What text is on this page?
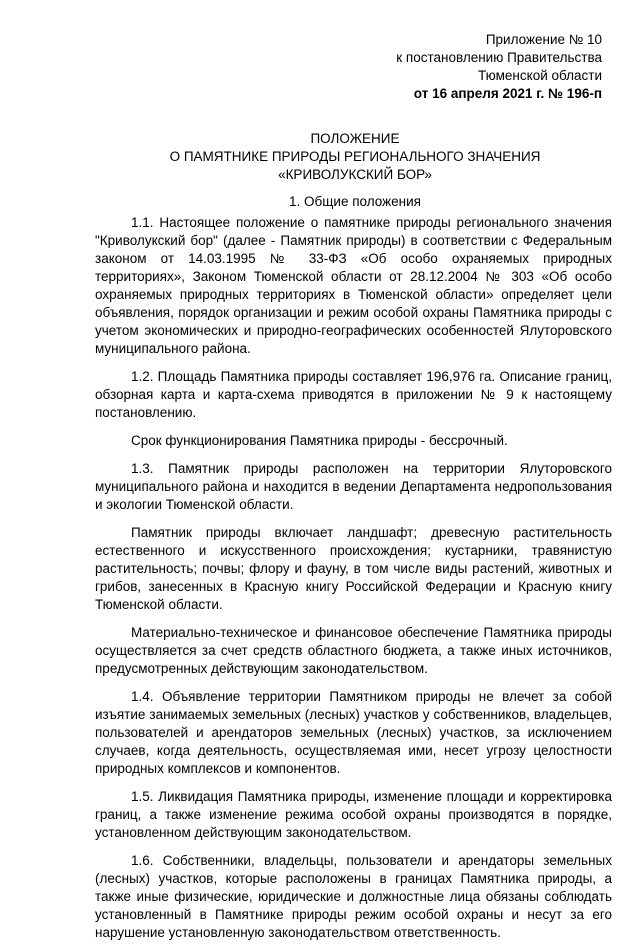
Приложение № 10
к постановлению Правительства
Тюменской области
от 16 апреля 2021 г. № 196-п
ПОЛОЖЕНИЕ
О ПАМЯТНИКЕ ПРИРОДЫ РЕГИОНАЛЬНОГО ЗНАЧЕНИЯ
«КРИВОЛУКСКИЙ БОР»
1. Общие положения

1.1. Настоящее положение о памятнике природы регионального значения "Криволукский бор" (далее - Памятник природы) в соответствии с Федеральным законом от 14.03.1995 № 33-ФЗ «Об особо охраняемых природных территориях», Законом Тюменской области от 28.12.2004 № 303 «Об особо охраняемых природных территориях в Тюменской области» определяет цели объявления, порядок организации и режим особой охраны Памятника природы с учетом экономических и природно-географических особенностей Ялуторовского муниципального района.

1.2. Площадь Памятника природы составляет 196,976 га. Описание границ, обзорная карта и карта-схема приводятся в приложении № 9 к настоящему постановлению.

Срок функционирования Памятника природы - бессрочный.

1.3. Памятник природы расположен на территории Ялуторовского муниципального района и находится в ведении Департамента недропользования и экологии Тюменской области.

Памятник природы включает ландшафт; древесную растительность естественного и искусственного происхождения; кустарники, травянистую растительность; почвы; флору и фауну, в том числе виды растений, животных и грибов, занесенных в Красную книгу Российской Федерации и Красную книгу Тюменской области.

Материально-техническое и финансовое обеспечение Памятника природы осуществляется за счет средств областного бюджета, а также иных источников, предусмотренных действующим законодательством.

1.4. Объявление территории Памятником природы не влечет за собой изъятие занимаемых земельных (лесных) участков у собственников, владельцев, пользователей и арендаторов земельных (лесных) участков, за исключением случаев, когда деятельность, осуществляемая ими, несет угрозу целостности природных комплексов и компонентов.

1.5. Ликвидация Памятника природы, изменение площади и корректировка границ, а также изменение режима особой охраны производятся в порядке, установленном действующим законодательством.

1.6. Собственники, владельцы, пользователи и арендаторы земельных (лесных) участков, которые расположены в границах Памятника природы, а также иные физические, юридические и должностные лица обязаны соблюдать установленный в Памятнике природы режим особой охраны и несут за его нарушение установленную законодательством ответственность.
